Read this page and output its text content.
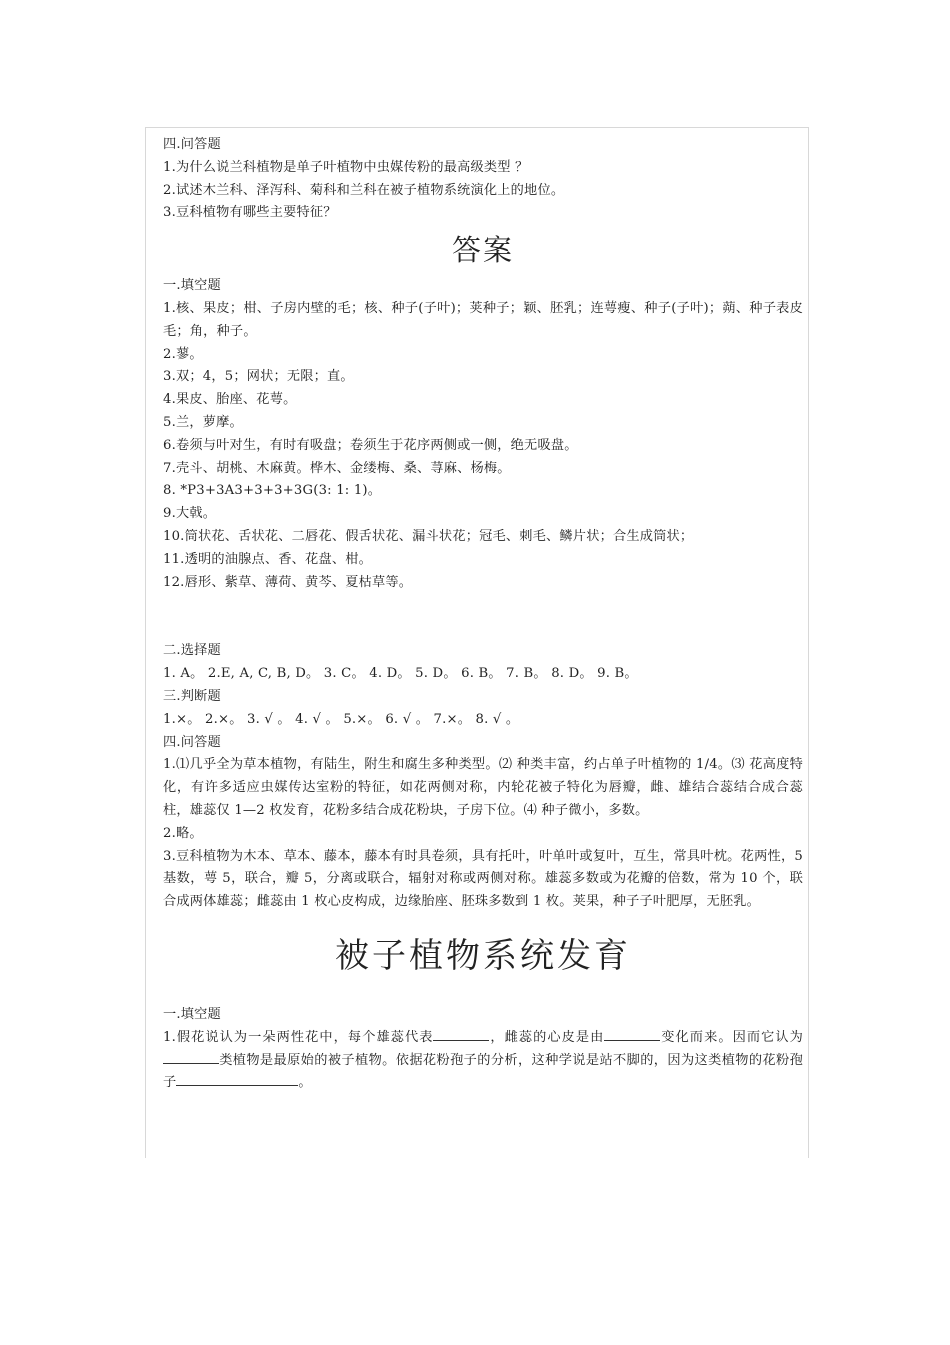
四.问答题
1.为什么说兰科植物是单子叶植物中虫媒传粉的最高级类型 ？
2.试述木兰科、泽泻科、菊科和兰科在被子植物系统演化上的地位。
3.豆科植物有哪些主要特征？
答案
一.填空题
1.核、果皮；柑、子房内壁的毛；核、种子(子叶)；荚种子；颖、胚乳；连萼瘦、种子(子叶)；蒴、种子表皮毛；角，种子。
2.蓼。
3.双；4，5；网状；无限；直。
4.果皮、胎座、花萼。
5.兰，萝摩。
6.卷须与叶对生，有时有吸盘；卷须生于花序两侧或一侧，绝无吸盘。
7.壳斗、胡桃、木麻黄。桦木、金缕梅、桑、荨麻、杨梅。
8. *P3+3A3+3+3+3G(3: 1: 1)。
9.大戟。
10.筒状花、舌状花、二唇花、假舌状花、漏斗状花；冠毛、刺毛、鳞片状；合生成筒状；
11.透明的油腺点、香、花盘、柑。
12.唇形、紫草、薄荷、黄芩、夏枯草等。
二.选择题
1. A。 2.E, A, C, B, D。 3. C。 4. D。 5. D。 6. B。 7. B。 8. D。 9. B。
三.判断题
1.×。 2.×。 3. √ 。 4. √ 。 5.×。 6. √ 。 7.×。 8. √ 。
四.问答题
1.⑴几乎全为草本植物，有陆生，附生和腐生多种类型。⑵ 种类丰富，约占单子叶植物的 1/4。⑶ 花高度特化，有许多适应虫媒传达室粉的特征，如花两侧对称，内轮花被子特化为唇瓣，雌、雄结合蕊结合成合蕊柱，雄蕊仅 1—2 枚发育，花粉多结合成花粉块，子房下位。⑷ 种子微小，多数。
2.略。
3.豆科植物为木本、草本、藤本，藤本有时具卷须，具有托叶，叶单叶或复叶，互生，常具叶枕。花两性，5 基数，萼 5，联合，瓣 5，分离或联合，辐射对称或两侧对称。雄蕊多数或为花瓣的倍数，常为 10 个，联合成两体雄蕊；雌蕊由 1 枚心皮构成，边缘胎座、胚珠多数到 1 枚。荚果，种子子叶肥厚，无胚乳。
被子植物系统发育
一.填空题
1.假花说认为一朵两性花中，每个雄蕊代表	，雌蕊的心皮是由	变化而来。因而它认为类植物是最原始的被子植物。依据花粉孢子的分析，这种学说是站不脚的，因为这类植物的花粉孢子	。
